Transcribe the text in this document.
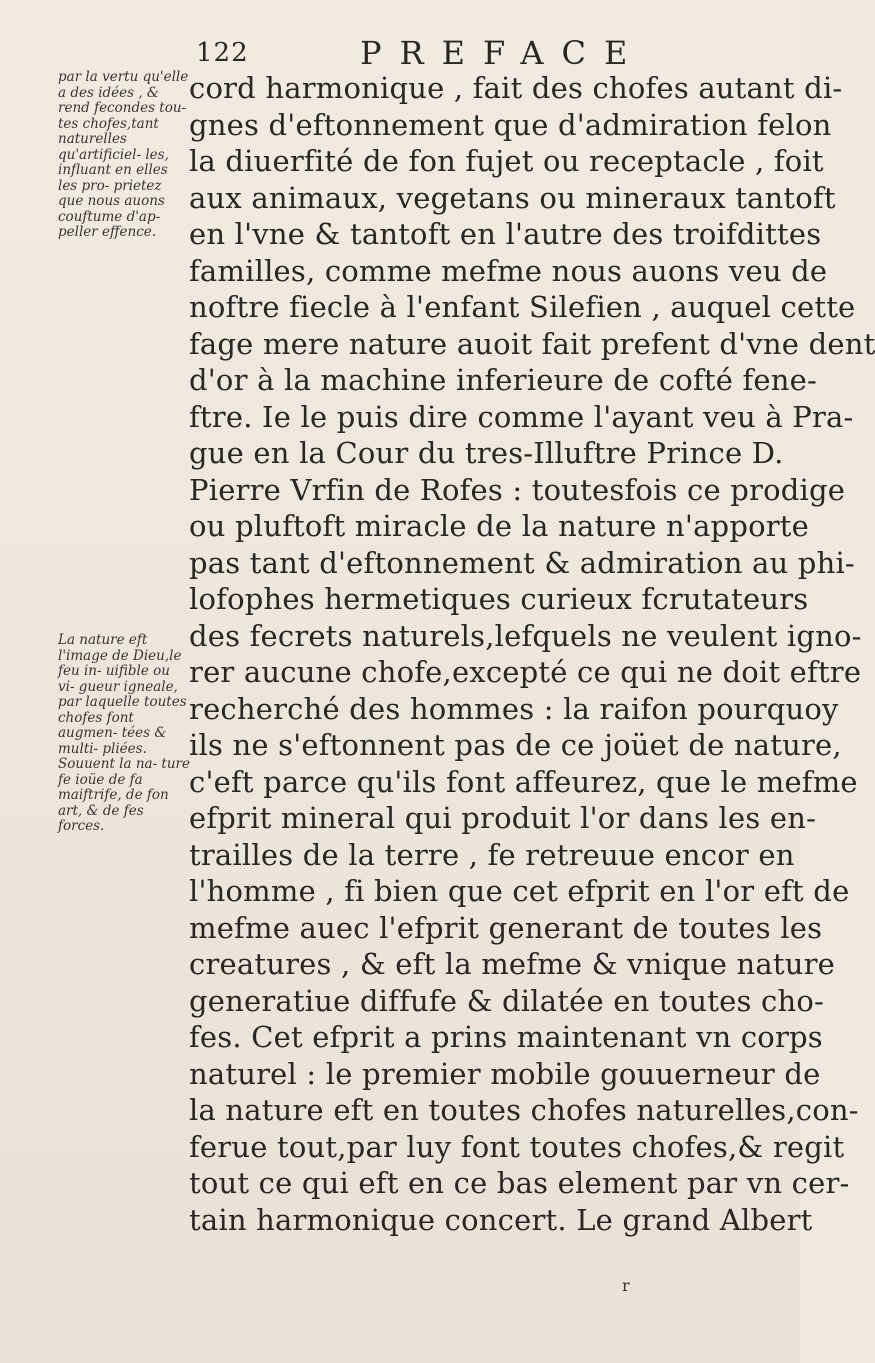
122	PREFACE
par la vertu qu'elle a des idées , & rend fecondes tou- tes chofes,tant naturelles qu'artificiel- les, influant en elles les pro- prietez que nous auons couftume d'ap- peller effence.
La nature eft l'image de Dieu,le feu in- uifible ou vi- gueur igneale, par laquelle toutes chofes font augmen- tées & multi- pliées. Souuent la na- ture fe ioüe de fa maiftrife, de fon art, & de fes forces.
cord harmonique , fait des chofes autant di-
gnes d'eftonnement que d'admiration felon
la diuerfité de fon fujet ou receptacle , foit
aux animaux, vegetans ou mineraux tantoft
en l'vne & tantoft en l'autre des troifdittes
familles, comme mefme nous auons veu de
noftre fiecle à l'enfant Silefien , auquel cette
fage mere nature auoit fait prefent d'vne dent
d'or à la machine inferieure de cofté fene-
ftre. Ie le puis dire comme l'ayant veu à Pra-
gue en la Cour du tres-Illuftre Prince D.
Pierre Vrfin de Rofes : toutesfois ce prodige
ou pluftoft miracle de la nature n'apporte
pas tant d'eftonnement & admiration au phi-
lofophes hermetiques curieux fcrutateurs
des fecrets naturels,lefquels ne veulent igno-
rer aucune chofe,excepté ce qui ne doit eftre
recherché des hommes : la raifon pourquoy
ils ne s'eftonnent pas de ce joüet de nature,
c'eft parce qu'ils font affeurez, que le mefme
efprit mineral qui produit l'or dans les en-
trailles de la terre , fe retreuue encor en
l'homme , fi bien que cet efprit en l'or eft de
mefme auec l'efprit generant de toutes les
creatures , & eft la mefme & vnique nature
generatiue diffufe & dilatée en toutes cho-
fes. Cet efprit a prins maintenant vn corps
naturel : le premier mobile gouuerneur de
la nature eft en toutes chofes naturelles,con-
ferue tout,par luy font toutes chofes,& regit
tout ce qui eft en ce bas element par vn cer-
tain harmonique concert. Le grand Albert
r
